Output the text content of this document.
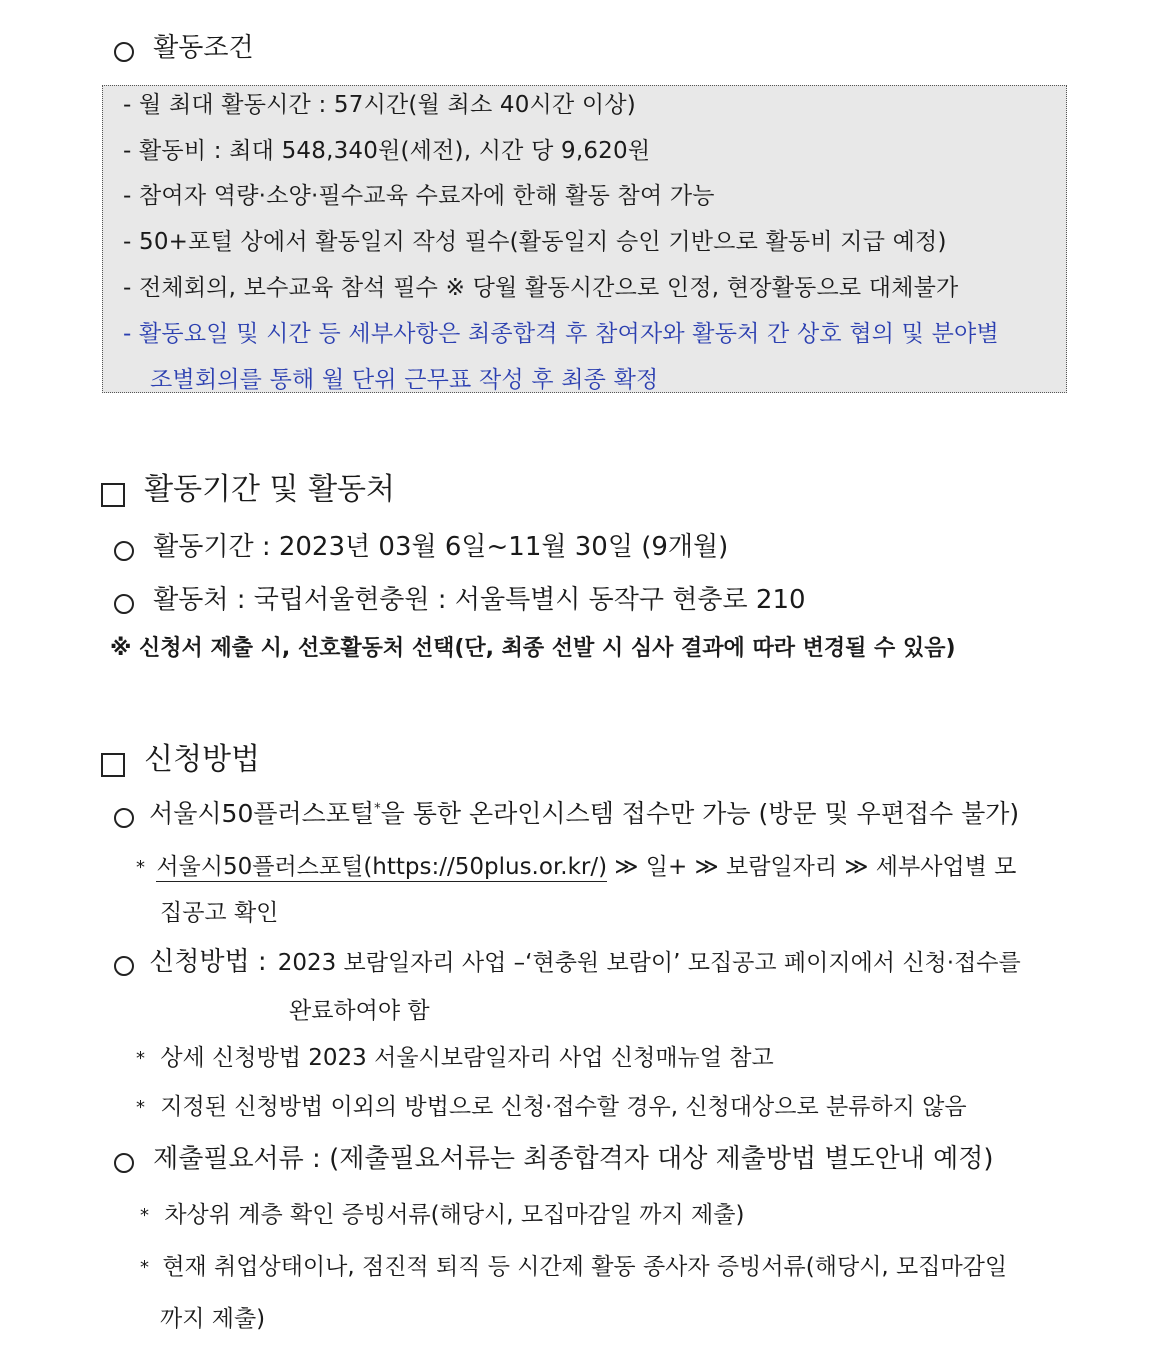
활동조건
- 월 최대 활동시간 : 57시간(월 최소 40시간 이상)
- 활동비 : 최대 548,340원(세전), 시간 당 9,620원
- 참여자 역량·소양·필수교육 수료자에 한해 활동 참여 가능
- 50+포털 상에서 활동일지 작성 필수(활동일지 승인 기반으로 활동비 지급 예정)
- 전체회의, 보수교육 참석 필수 ※ 당월 활동시간으로 인정, 현장활동으로 대체불가
- 활동요일 및 시간 등 세부사항은 최종합격 후 참여자와 활동처 간 상호 협의 및 분야별
조별회의를 통해 월 단위 근무표 작성 후 최종 확정
활동기간 및 활동처
활동기간 : 2023년 03월 6일~11월 30일 (9개월)
활동처 : 국립서울현충원 : 서울특별시 동작구 현충로 210
※ 신청서 제출 시, 선호활동처 선택(단, 최종 선발 시 심사 결과에 따라 변경될 수 있음)
신청방법
서울시50플러스포털*을 통한 온라인시스템 접수만 가능 (방문 및 우편접수 불가)
* 서울시50플러스포털(https://50plus.or.kr/) ≫ 일+ ≫ 보람일자리 ≫ 세부사업별 모
집공고 확인
신청방법 : 2023 보람일자리 사업 –‘현충원 보람이’ 모집공고 페이지에서 신청·접수를
완료하여야 함
* 상세 신청방법 2023 서울시보람일자리 사업 신청매뉴얼 참고
* 지정된 신청방법 이외의 방법으로 신청·접수할 경우, 신청대상으로 분류하지 않음
제출필요서류 : (제출필요서류는 최종합격자 대상 제출방법 별도안내 예정)
* 차상위 계층 확인 증빙서류(해당시, 모집마감일 까지 제출)
* 현재 취업상태이나, 점진적 퇴직 등 시간제 활동 종사자 증빙서류(해당시, 모집마감일
까지 제출)
